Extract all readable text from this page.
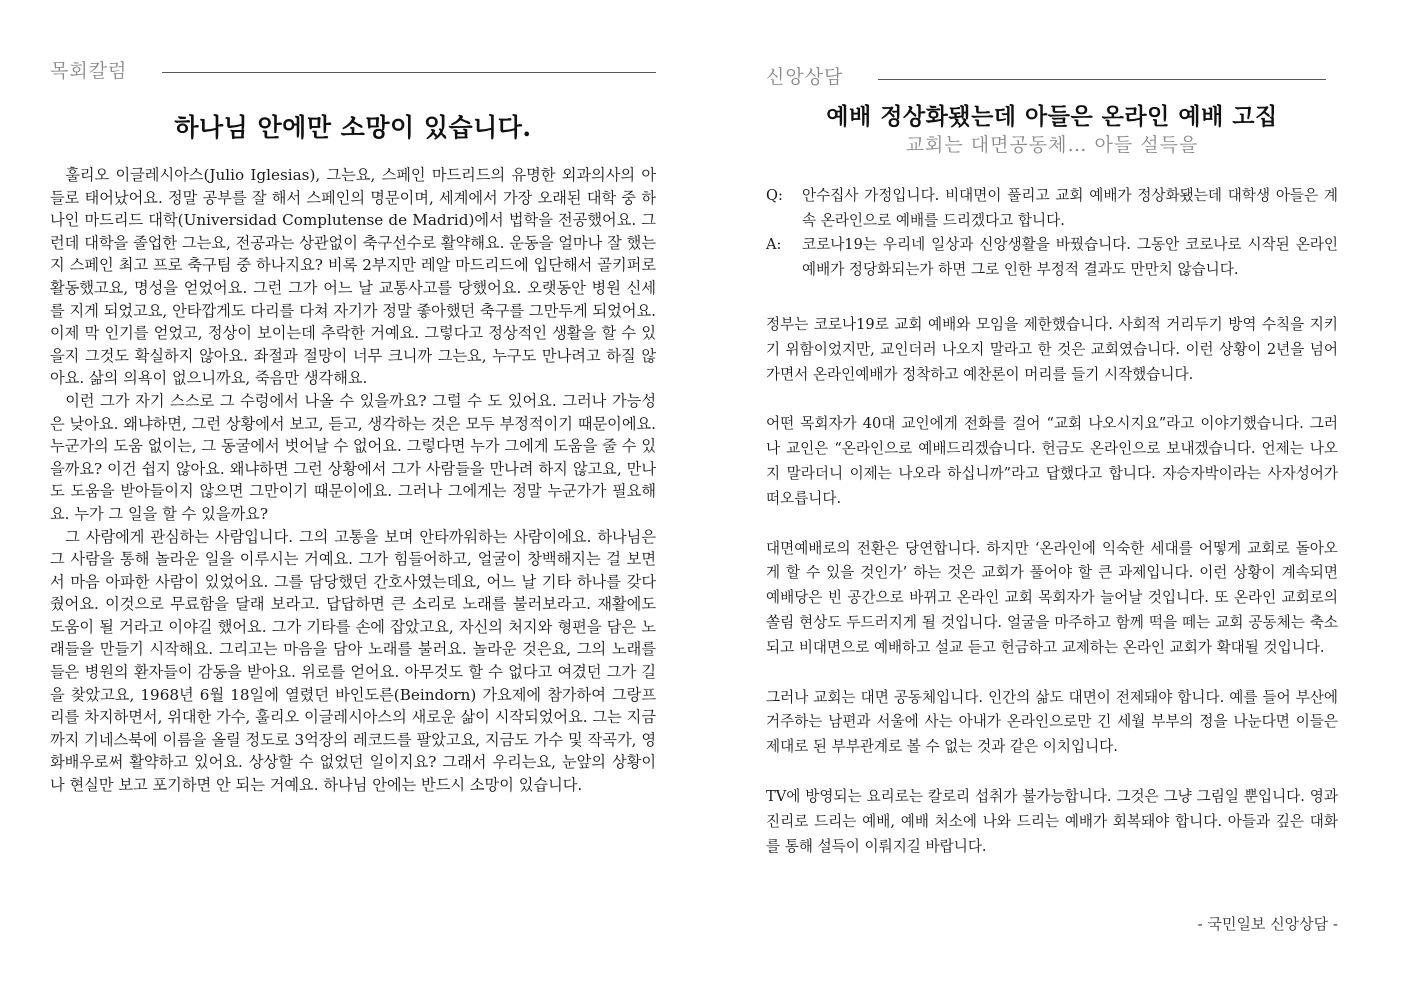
목회칼럼
하나님 안에만 소망이 있습니다.

훌리오 이글레시아스(Julio Iglesias), 그는요, 스페인 마드리드의 유명한 외과의사의 아들로 태어났어요. 정말 공부를 잘 해서 스페인의 명문이며, 세계에서 가장 오래된 대학 중 하나인 마드리드 대학(Universidad Complutense de Madrid)에서 법학을 전공했어요. 그런데 대학을 졸업한 그는요, 전공과는 상관없이 축구선수로 활약해요. 운동을 얼마나 잘 했는지 스페인 최고 프로 축구팀 중 하나지요? 비록 2부지만 레알 마드리드에 입단해서 골키퍼로 활동했고요, 명성을 얻었어요. 그런 그가 어느 날 교통사고를 당했어요. 오랫동안 병원 신세를 지게 되었고요, 안타깝게도 다리를 다쳐 자기가 정말 좋아했던 축구를 그만두게 되었어요. 이제 막 인기를 얻었고, 정상이 보이는데 추락한 거예요. 그렇다고 정상적인 생활을 할 수 있을지 그것도 확실하지 않아요. 좌절과 절망이 너무 크니까 그는요, 누구도 만나려고 하질 않아요. 삶의 의욕이 없으니까요, 죽음만 생각해요.

이런 그가 자기 스스로 그 수렁에서 나올 수 있을까요? 그럴 수 도 있어요. 그러나 가능성은 낮아요. 왜냐하면, 그런 상황에서 보고, 듣고, 생각하는 것은 모두 부정적이기 때문이에요. 누군가의 도움 없이는, 그 동굴에서 벗어날 수 없어요. 그렇다면 누가 그에게 도움을 줄 수 있을까요? 이건 쉽지 않아요. 왜냐하면 그런 상황에서 그가 사람들을 만나려 하지 않고요, 만나도 도움을 받아들이지 않으면 그만이기 때문이에요. 그러나 그에게는 정말 누군가가 필요해요. 누가 그 일을 할 수 있을까요?

그 사람에게 관심하는 사람입니다. 그의 고통을 보며 안타까워하는 사람이에요. 하나님은 그 사람을 통해 놀라운 일을 이루시는 거예요. 그가 힘들어하고, 얼굴이 창백해지는 걸 보면서 마음 아파한 사람이 있었어요. 그를 담당했던 간호사였는데요, 어느 날 기타 하나를 갖다 줬어요. 이것으로 무료함을 달래 보라고. 답답하면 큰 소리로 노래를 불러보라고. 재활에도 도움이 될 거라고 이야길 했어요. 그가 기타를 손에 잡았고요, 자신의 처지와 형편을 담은 노래들을 만들기 시작해요. 그리고는 마음을 담아 노래를 불러요. 놀라운 것은요, 그의 노래를 들은 병원의 환자들이 감동을 받아요. 위로를 얻어요. 아무것도 할 수 없다고 여겼던 그가 길을 찾았고요, 1968년 6월 18일에 열렸던 바인도른(Beindorn) 가요제에 참가하여 그랑프리를 차지하면서, 위대한 가수, 훌리오 이글레시아스의 새로운 삶이 시작되었어요. 그는 지금까지 기네스북에 이름을 올릴 정도로 3억장의 레코드를 팔았고요, 지금도 가수 및 작곡가, 영화배우로써 활약하고 있어요. 상상할 수 없었던 일이지요? 그래서 우리는요, 눈앞의 상황이나 현실만 보고 포기하면 안 되는 거예요. 하나님 안에는 반드시 소망이 있습니다.

신앙상담
예배 정상화됐는데 아들은 온라인 예배 고집
교회는 대면공동체… 아들 설득을
Q: 안수집사 가정입니다. 비대면이 풀리고 교회 예배가 정상화됐는데 대학생 아들은 계속 온라인으로 예배를 드리겠다고 합니다.
A: 코로나19는 우리네 일상과 신앙생활을 바꿨습니다. 그동안 코로나로 시작된 온라인예배가 정당화되는가 하면 그로 인한 부정적 결과도 만만치 않습니다.

정부는 코로나19로 교회 예배와 모임을 제한했습니다. 사회적 거리두기 방역 수칙을 지키기 위함이었지만, 교인더러 나오지 말라고 한 것은 교회였습니다. 이런 상황이 2년을 넘어가면서 온라인예배가 정착하고 예찬론이 머리를 들기 시작했습니다.

어떤 목회자가 40대 교인에게 전화를 걸어 “교회 나오시지요”라고 이야기했습니다. 그러나 교인은 “온라인으로 예배드리겠습니다. 헌금도 온라인으로 보내겠습니다. 언제는 나오지 말라더니 이제는 나오라 하십니까”라고 답했다고 합니다. 자승자박이라는 사자성어가 떠오릅니다.

대면예배로의 전환은 당연합니다. 하지만 ‘온라인에 익숙한 세대를 어떻게 교회로 돌아오게 할 수 있을 것인가’ 하는 것은 교회가 풀어야 할 큰 과제입니다. 이런 상황이 계속되면 예배당은 빈 공간으로 바뀌고 온라인 교회 목회자가 늘어날 것입니다. 또 온라인 교회로의 쏠림 현상도 두드러지게 될 것입니다. 얼굴을 마주하고 함께 떡을 떼는 교회 공동체는 축소되고 비대면으로 예배하고 설교 듣고 헌금하고 교제하는 온라인 교회가 확대될 것입니다.

그러나 교회는 대면 공동체입니다. 인간의 삶도 대면이 전제돼야 합니다. 예를 들어 부산에 거주하는 남편과 서울에 사는 아내가 온라인으로만 긴 세월 부부의 정을 나눈다면 이들은 제대로 된 부부관계로 볼 수 없는 것과 같은 이치입니다.

TV에 방영되는 요리로는 칼로리 섭취가 불가능합니다. 그것은 그냥 그림일 뿐입니다. 영과 진리로 드리는 예배, 예배 처소에 나와 드리는 예배가 회복돼야 합니다. 아들과 깊은 대화를 통해 설득이 이뤄지길 바랍니다.

- 국민일보 신앙상담 -
